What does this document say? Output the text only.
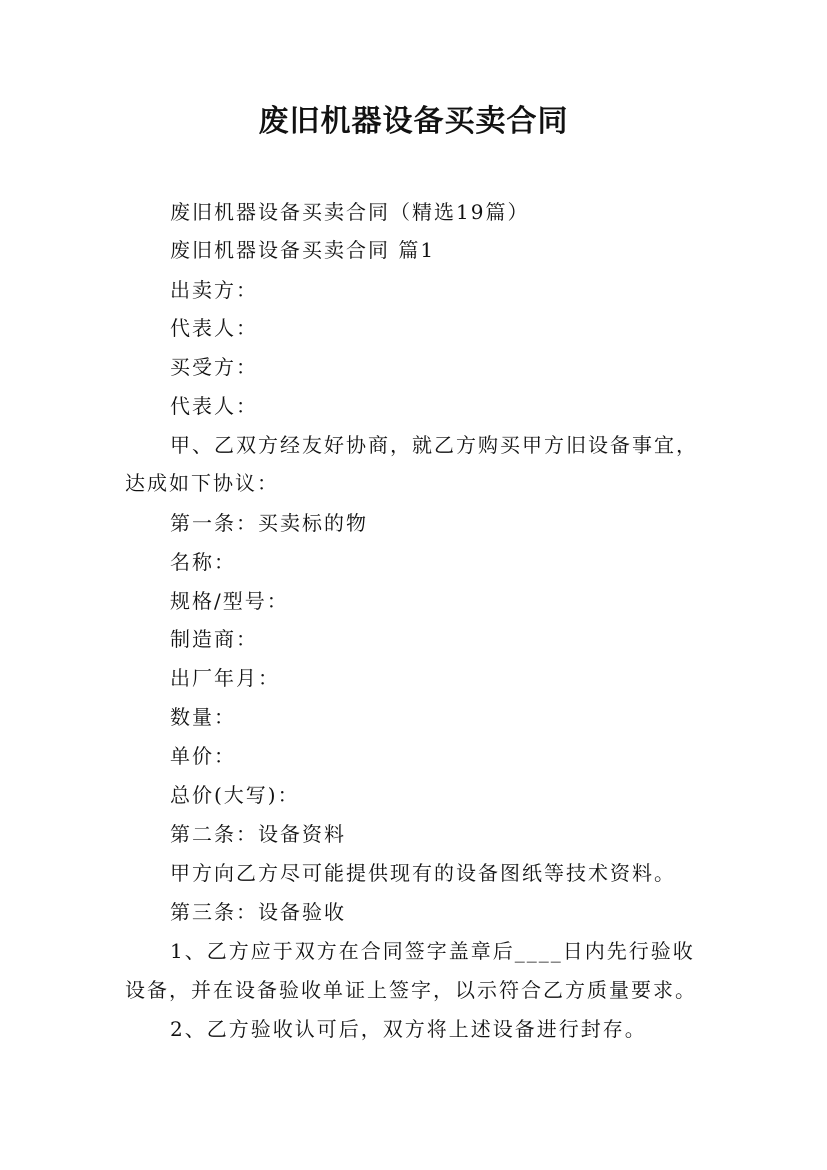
废旧机器设备买卖合同
废旧机器设备买卖合同（精选19篇）
废旧机器设备买卖合同 篇1
出卖方：
代表人：
买受方：
代表人：
甲、乙双方经友好协商，就乙方购买甲方旧设备事宜，
达成如下协议：
第一条：买卖标的物
名称：
规格/型号：
制造商：
出厂年月：
数量：
单价：
总价(大写)：
第二条：设备资料
甲方向乙方尽可能提供现有的设备图纸等技术资料。
第三条：设备验收
1、乙方应于双方在合同签字盖章后____日内先行验收
设备，并在设备验收单证上签字，以示符合乙方质量要求。
2、乙方验收认可后，双方将上述设备进行封存。
